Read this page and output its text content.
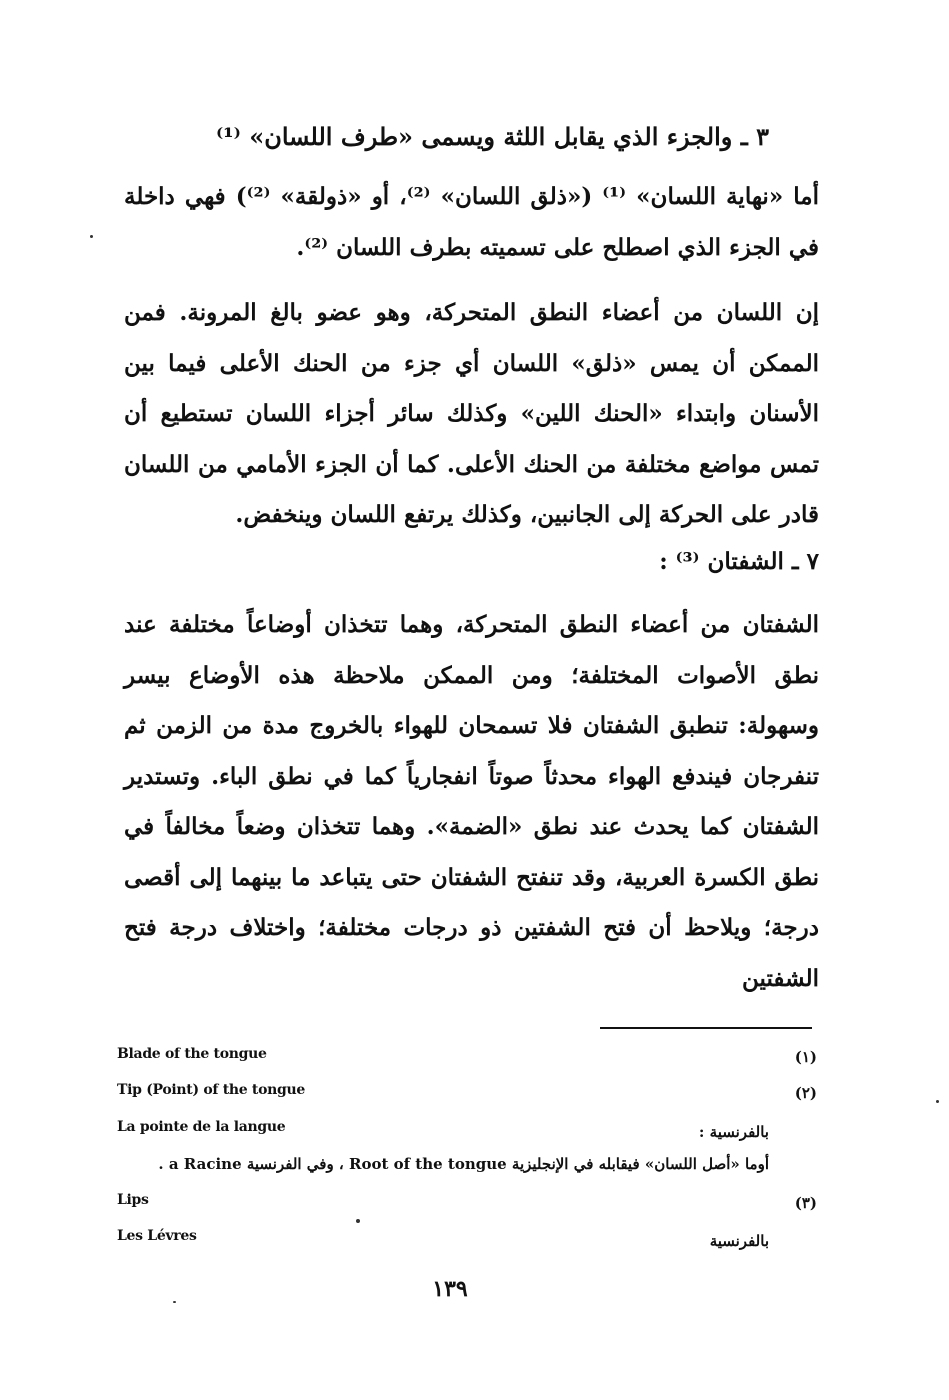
٣ ـ والجزء الذي يقابل اللثة ويسمى «طرف اللسان» ⁽¹⁾

أما «نهاية اللسان» ⁽¹⁾ («ذلق اللسان» ⁽²⁾، أو «ذولقة» ⁽²⁾) فهي داخلة في الجزء الذي اصطلح على تسميته بطرف اللسان ⁽²⁾.

إن اللسان من أعضاء النطق المتحركة، وهو عضو بالغ المرونة. فمن الممكن أن يمس «ذلق» اللسان أي جزء من الحنك الأعلى فيما بين الأسنان وابتداء «الحنك اللين» وكذلك سائر أجزاء اللسان تستطيع أن تمس مواضع مختلفة من الحنك الأعلى. كما أن الجزء الأمامي من اللسان قادر على الحركة إلى الجانبين، وكذلك يرتفع اللسان وينخفض.

٧ ـ الشفتان ⁽³⁾ :

الشفتان من أعضاء النطق المتحركة، وهما تتخذان أوضاعاً مختلفة عند نطق الأصوات المختلفة؛ ومن الممكن ملاحظة هذه الأوضاع بيسر وسهولة: تنطبق الشفتان فلا تسمحان للهواء بالخروج مدة من الزمن ثم تنفرجان فيندفع الهواء محدثاً صوتاً انفجارياً كما في نطق الباء. وتستدير الشفتان كما يحدث عند نطق «الضمة». وهما تتخذان وضعاً مخالفاً في نطق الكسرة العربية، وقد تنفتح الشفتان حتى يتباعد ما بينهما إلى أقصى درجة؛ ويلاحظ أن فتح الشفتين ذو درجات مختلفة؛ واختلاف درجة فتح الشفتين

Blade of the tongue	(١)
Tip (Point) of the tongue	(٢)
La pointe de la langue	بالفرنسية :
أوما «أصل اللسان» فيقابله في الإنجليزية Root of the tongue ، وفي الفرنسية a Racine .
Lips	(٣)
Les Lévres	بالفرنسية
١٣٩
